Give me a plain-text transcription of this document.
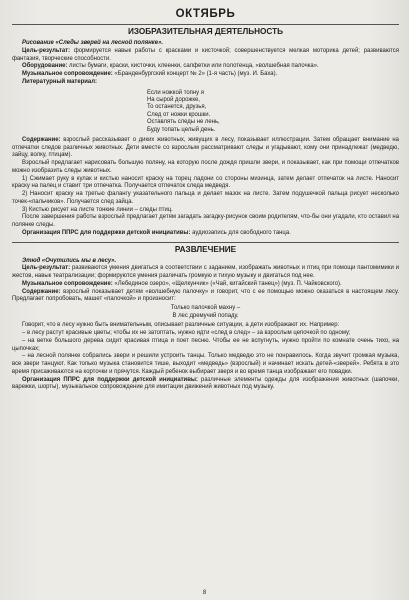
ОКТЯБРЬ
ИЗОБРАЗИТЕЛЬНАЯ ДЕЯТЕЛЬНОСТЬ

Рисование «Следы зверей на лесной полянке».

Цель-результат: формируется навык работы с красками и кисточкой; совершенствуется мелкая моторика детей; развиваются фантазия, творческие способности.

Оборудование: листы бумаги, краски, кисточки, клеенки, салфетки или полотенца, «волшебная палочка».

Музыкальное сопровождение: «Бранденбургский концерт № 2» (1-я часть) (муз. И. Баха).

Литературный материал:

Если ножкой топну я
На сырой дорожке,
То останется, друзья,
След от ножки крошки.
Оставлять следы не лень,
Буду топать целый день.

Содержание: взрослый рассказывает о диких животных, живущих в лесу, показывает иллюстрации. Затем обращает внимание на отпечатки следов различных животных. Дети вместе со взрослым рассматривают следы и угадывают, кому они принадлежат (медведю, зайцу, волку, птицам).

Взрослый предлагает нарисовать большую поляну, на которую после дождя пришли звери, и показывает, как при помощи отпечатков можно изобразить следы животных.

1) Сжимает руку в кулак и кистью наносит краску на торец ладони со стороны мизинца, затем делает отпечаток на листе. Наносит краску на палец и ставит три отпечатка. Получается отпечаток следа медведя.

2) Наносит краску на третью фалангу указательного пальца и делает мазок на листе. Затем подушечкой пальца рисует несколько точек-«пальчиков». Получается след зайца.

3) Кистью рисует на листе тонкие линии – следы птиц.

После завершения работы взрослый предлагает детям загадать загадку-рисунок своим родителям, что-бы они угадали, кто оставил на полянке следы.

Организация ППРС для поддержки детской инициативы: аудиозапись для свободного танца.

РАЗВЛЕЧЕНИЕ

Этюд «Очутились мы в лесу».

Цель-результат: развиваются умения двигаться в соответствии с заданием, изображать животных и птиц при помощи пантомимики и жестов, навык театрализации; формируются умения различать громкую и тихую музыку и двигаться под нее.

Музыкальное сопровождение: «Лебединое озеро», «Щелкунчик» («Чай, китайский танец») (муз. П. Чайковского).

Содержание: взрослый показывает детям «волшебную палочку» и говорит, что с ее помощью можно оказаться в настоящем лесу. Предлагает попробовать, машет «палочкой» и произносит:

Только палочкой махну –
В лес дремучий попаду.

Говорит, что в лесу нужно быть внимательным, описывает различные ситуации, а дети изображают их. Например:

– в лесу растут красивые цветы; чтобы их не затоптать, нужно идти «след в след» – за взрослым цепочкой по одному;

– на ветке большого дерева сидит красивая птица и поет песню. Чтобы ее не вспугнуть, нужно пройти по комнате очень тихо, на цыпочках;

– на лесной полянке собрались звери и решили устроить танцы. Только медведю это не понравилось. Когда звучит громкая музыка, все звери танцуют. Как только музыка становится тише, выходит «медведь» (взрослый) и начинает искать детей-«зверей». Ребята в это время присаживаются на корточки и прячутся. Каждый ребенок выбирает зверя и во время танца изображает его повадки.

Организация ППРС для поддержки детской инициативы: различные элементы одежды для изображения животных (шапочки, варежки, шорты), музыкальное сопровождение для имитации движений животных под музыку.

8
